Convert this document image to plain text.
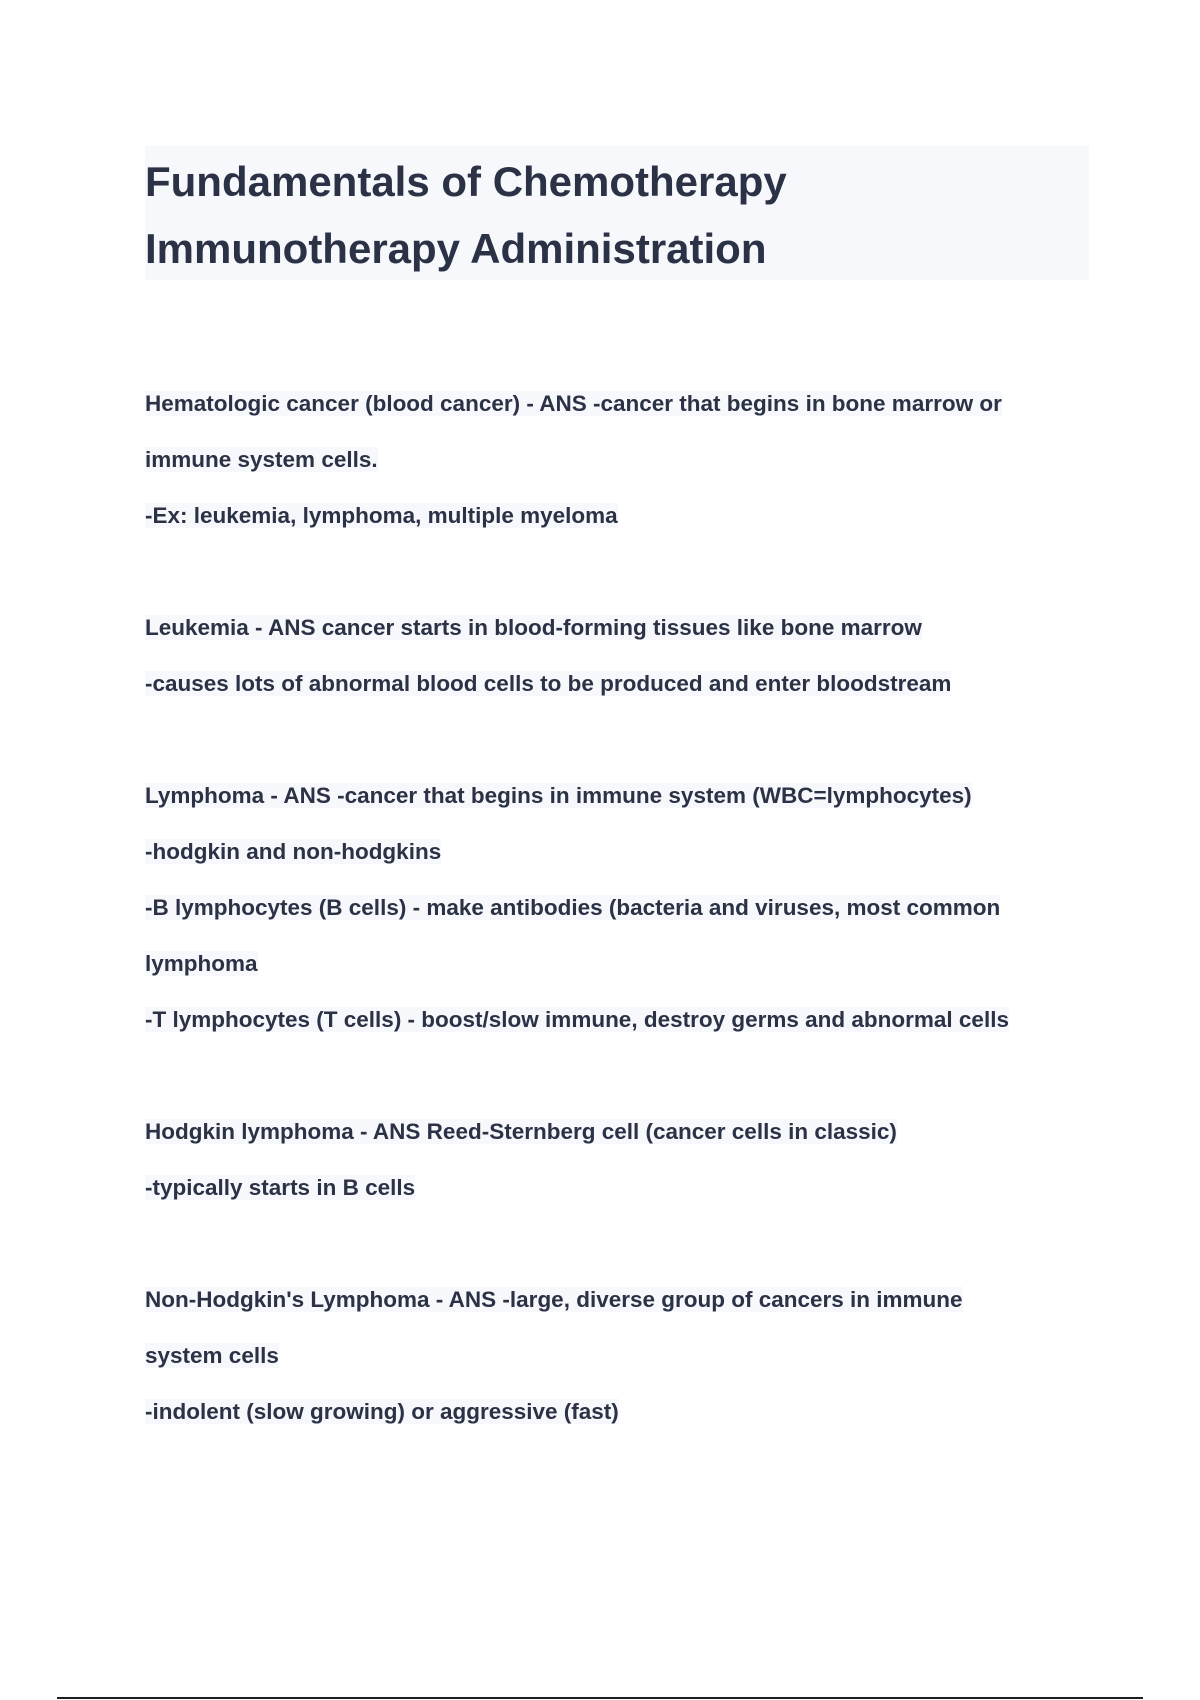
Fundamentals of Chemotherapy
Immunotherapy Administration
Hematologic cancer (blood cancer) - ANS -cancer that begins in bone marrow or
immune system cells.
-Ex: leukemia, lymphoma, multiple myeloma
Leukemia - ANS cancer starts in blood-forming tissues like bone marrow
-causes lots of abnormal blood cells to be produced and enter bloodstream
Lymphoma - ANS -cancer that begins in immune system (WBC=lymphocytes)
-hodgkin and non-hodgkins
-B lymphocytes (B cells) - make antibodies (bacteria and viruses, most common
lymphoma
-T lymphocytes (T cells) - boost/slow immune, destroy germs and abnormal cells
Hodgkin lymphoma - ANS Reed-Sternberg cell (cancer cells in classic)
-typically starts in B cells
Non-Hodgkin's Lymphoma - ANS -large, diverse group of cancers in immune
system cells
-indolent (slow growing) or aggressive (fast)
